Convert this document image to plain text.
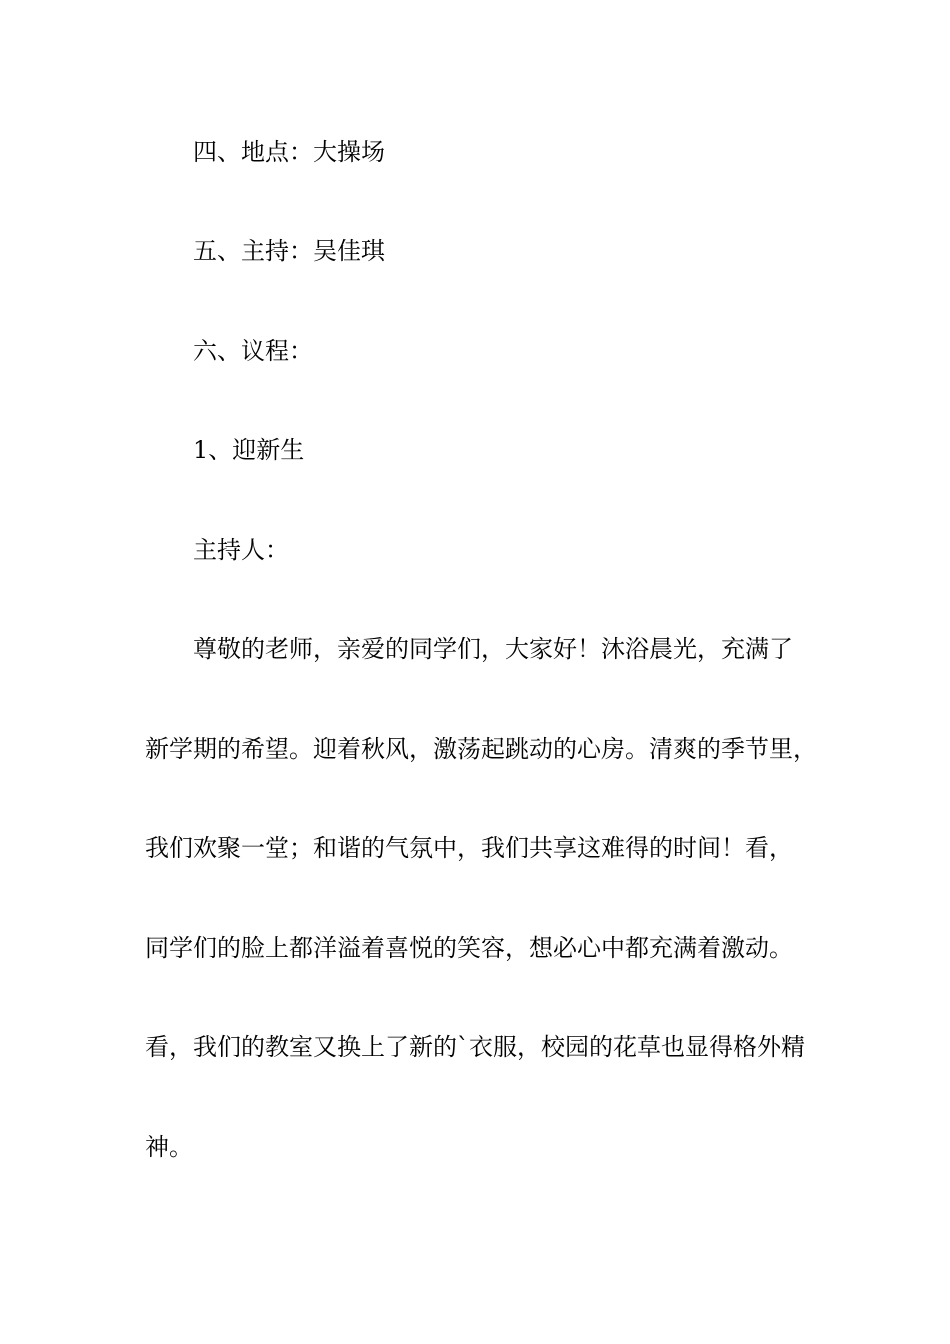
四、地点：大操场
五、主持：吴佳琪
六、议程：
1、迎新生
主持人：
尊敬的老师，亲爱的同学们，大家好！沐浴晨光，充满了
新学期的希望。迎着秋风，激荡起跳动的心房。清爽的季节里，
我们欢聚一堂；和谐的气氛中，我们共享这难得的时间！看，
同学们的脸上都洋溢着喜悦的笑容，想必心中都充满着激动。
看，我们的教室又换上了新的`衣服，校园的花草也显得格外精
神。
